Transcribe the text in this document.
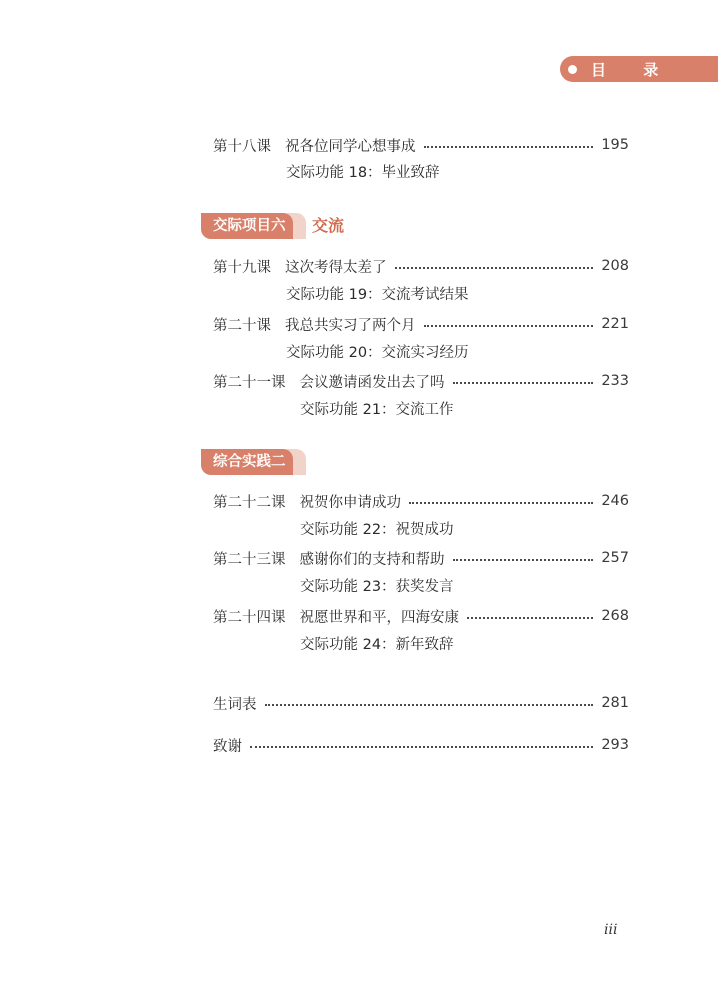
目 录
第十八课 祝各位同学心想事成	195
交际功能 18：毕业致辞
交际项目六	交流
第十九课 这次考得太差了	208
交际功能 19：交流考试结果
第二十课 我总共实习了两个月	221
交际功能 20：交流实习经历
第二十一课 会议邀请函发出去了吗	233
交际功能 21：交流工作
综合实践二
第二十二课 祝贺你申请成功	246
交际功能 22：祝贺成功
第二十三课 感谢你们的支持和帮助	257
交际功能 23：获奖发言
第二十四课 祝愿世界和平，四海安康	268
交际功能 24：新年致辞
生词表	281
致谢	293
iii
